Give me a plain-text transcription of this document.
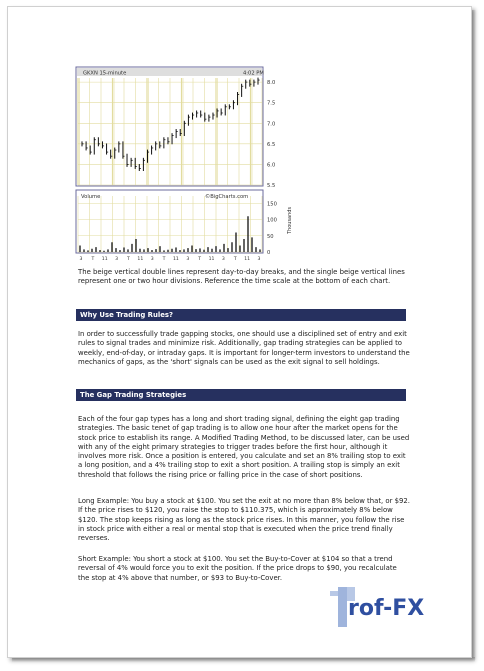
GKXN 15-minute	4:02 PM
8.0
7.5
7.0
6.5
6.0
5.5
Volume	©BigCharts.com
150
100
50
0
Thousands
3 T 11 3 T 11 3 T 11 3 T 11 3 T 11 3

The beige vertical double lines represent day-to-day breaks, and the single beige vertical lines represent one or two hour divisions. Reference the time scale at the bottom of each chart.

Why Use Trading Rules?

In order to successfully trade gapping stocks, one should use a disciplined set of entry and exit rules to signal trades and minimize risk. Additionally, gap trading strategies can be applied to weekly, end-of-day, or intraday gaps. It is important for longer-term investors to understand the mechanics of gaps, as the 'short' signals can be used as the exit signal to sell holdings.

The Gap Trading Strategies

Each of the four gap types has a long and short trading signal, defining the eight gap trading strategies. The basic tenet of gap trading is to allow one hour after the market opens for the stock price to establish its range. A Modified Trading Method, to be discussed later, can be used with any of the eight primary strategies to trigger trades before the first hour, although it involves more risk. Once a position is entered, you calculate and set an 8% trailing stop to exit a long position, and a 4% trailing stop to exit a short position. A trailing stop is simply an exit threshold that follows the rising price or falling price in the case of short positions.

Long Example: You buy a stock at $100. You set the exit at no more than 8% below that, or $92. If the price rises to $120, you raise the stop to $110.375, which is approximately 8% below $120. The stop keeps rising as long as the stock price rises. In this manner, you follow the rise in stock price with either a real or mental stop that is executed when the price trend finally reverses.

Short Example: You short a stock at $100. You set the Buy-to-Cover at $104 so that a trend reversal of 4% would force you to exit the position. If the price drops to $90, you recalculate the stop at 4% above that number, or $93 to Buy-to-Cover.

rof-FX
